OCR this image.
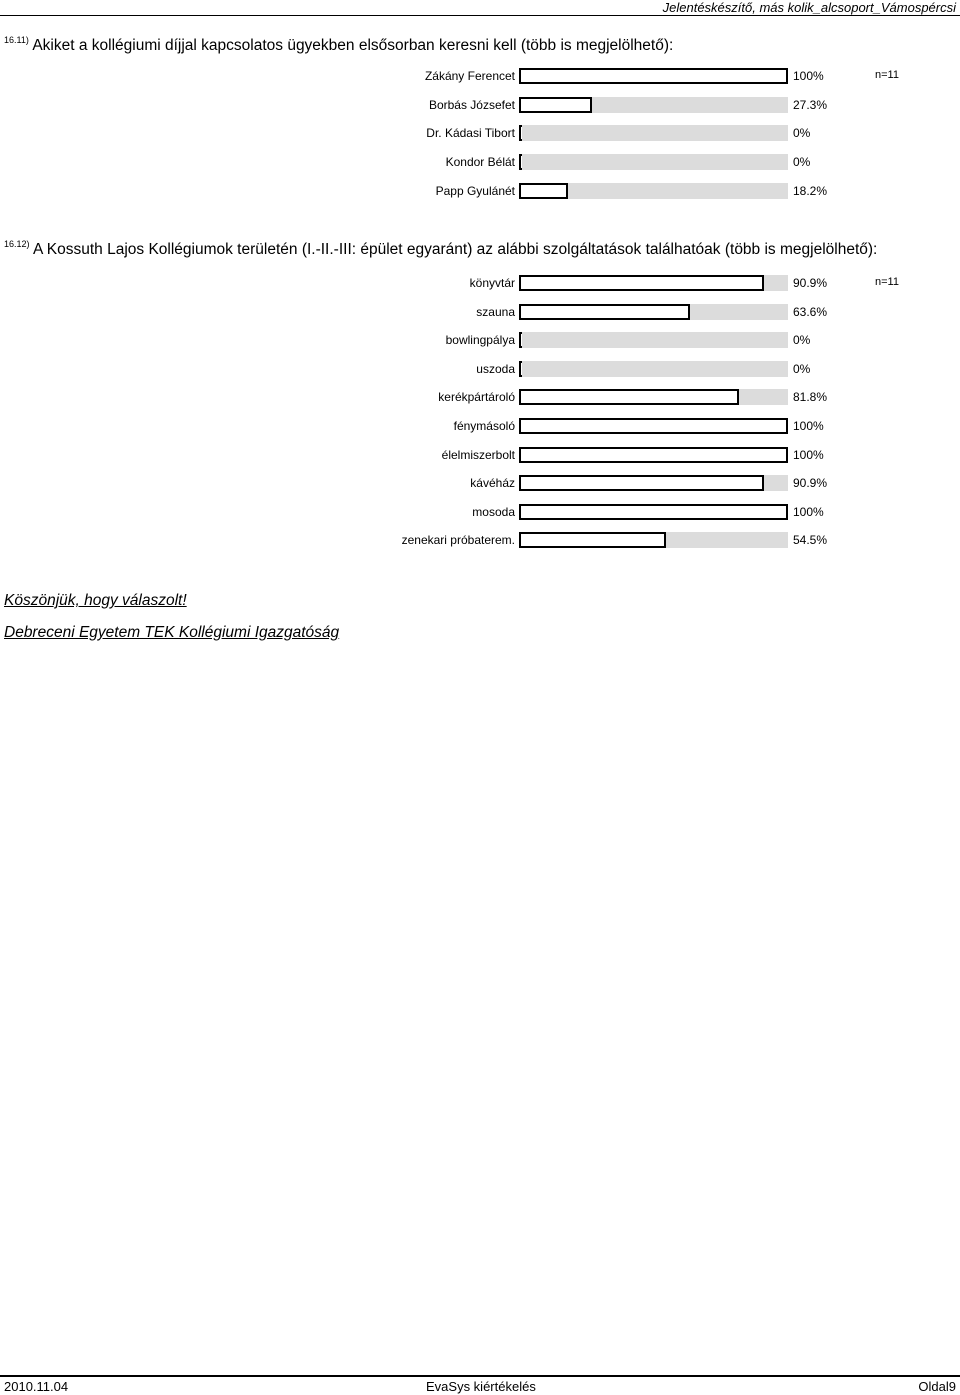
Jelentéskészítő, más kolik_alcsoport_Vámospércsi
$^{16.11)}$ Akiket a kollégiumi díjjal kapcsolatos ügyekben elsősorban keresni kell (több is megjelölhető):
Zákány Ferencet	100%	n=11
Borbás Józsefet	27.3%
Dr. Kádasi Tibort	0%
Kondor Bélát	0%
Papp Gyulánét	18.2%
$^{16.12)}$ A Kossuth Lajos Kollégiumok területén (I.-II.-III: épület egyaránt) az alábbi szolgáltatások találhatóak (több is megjelölhető):
könyvtár	90.9%	n=11
szauna	63.6%
bowlingpálya	0%
uszoda	0%
kerékpártároló	81.8%
fénymásoló	100%
élelmiszerbolt	100%
kávéház	90.9%
mosoda	100%
zenekari próbaterem.	54.5%
Köszönjük, hogy válaszolt!
Debreceni Egyetem TEK Kollégiumi Igazgatóság
2010.11.04	EvaSys kiértékelés	Oldal9
